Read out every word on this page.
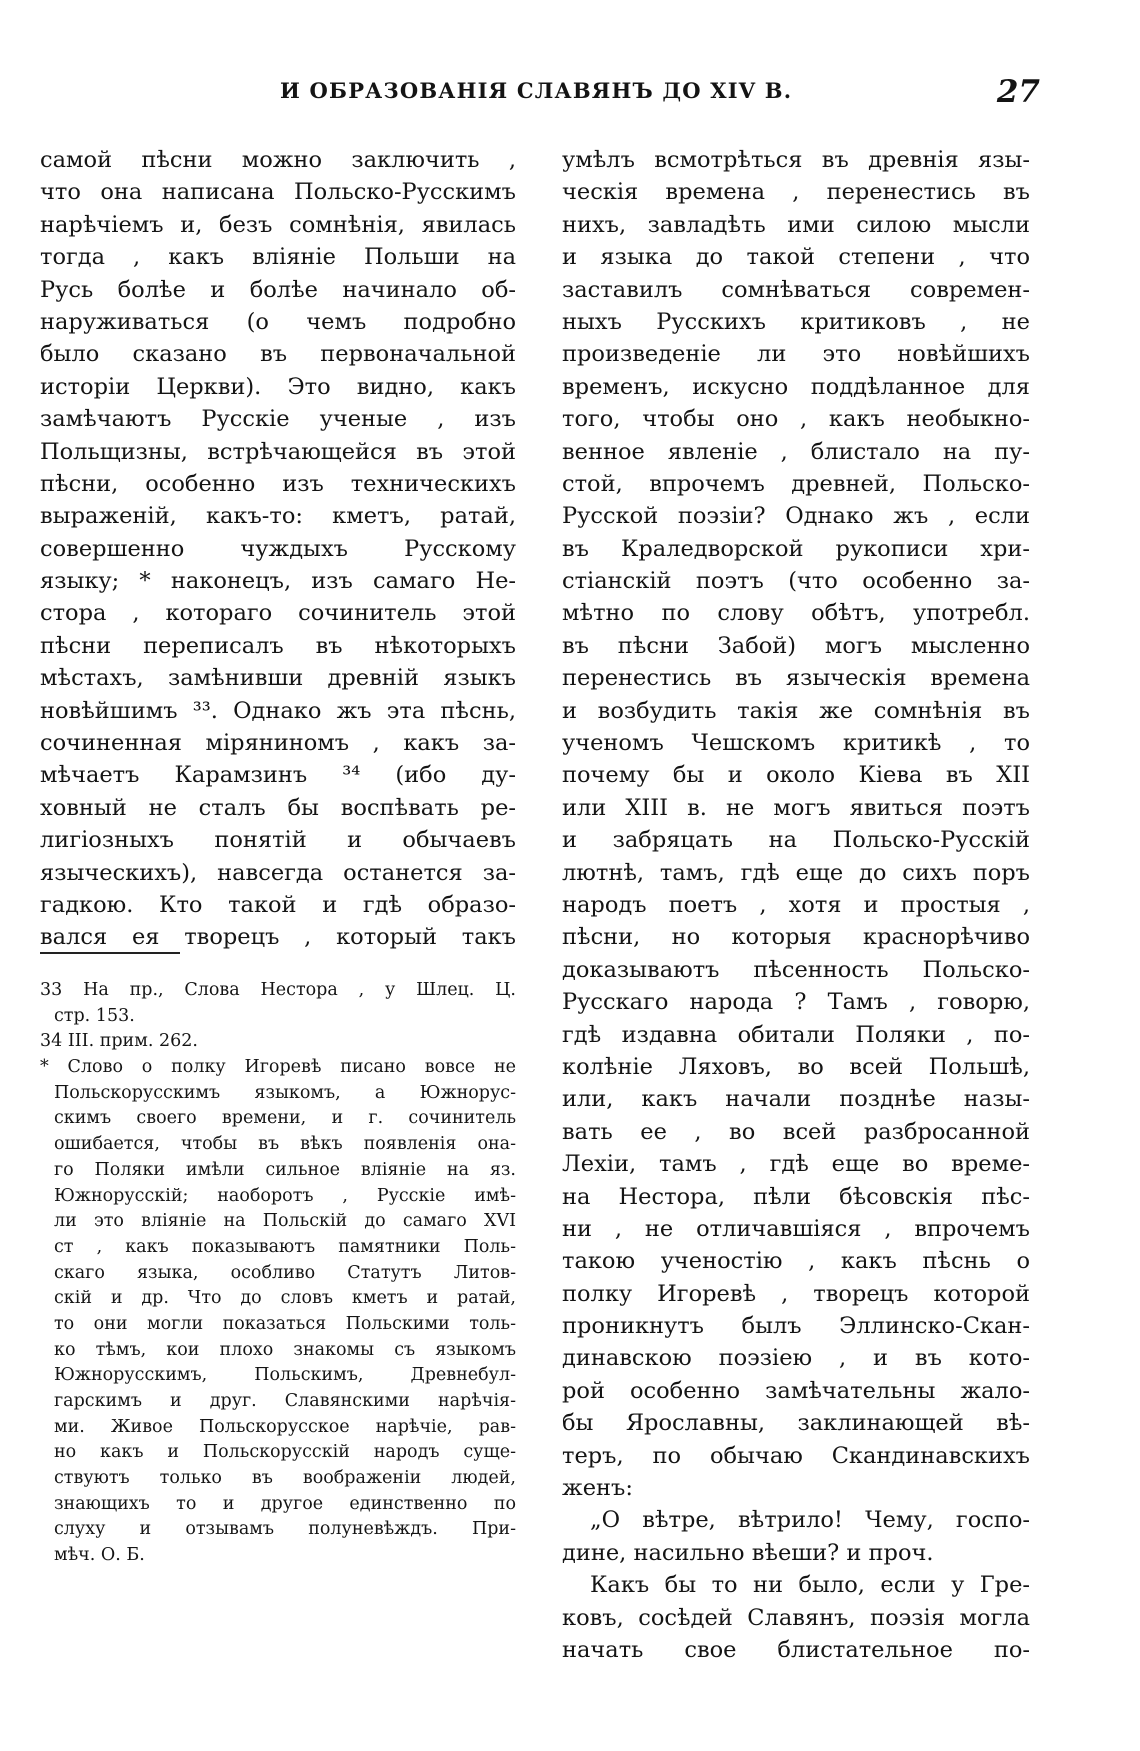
И ОБРАЗОВАНІЯ СЛАВЯНЪ ДО XIV В.	27
самой пѣсни можно заключить ,
что она написана Польско-Русскимъ
нарѣчіемъ и, безъ сомнѣнія, явилась
тогда , какъ вліяніе Польши на
Русь болѣе и болѣе начинало об-
наруживаться (о чемъ подробно
было сказано въ первоначальной
исторіи Церкви). Это видно, какъ
замѣчаютъ Русскіе ученые , изъ
Польщизны, встрѣчающейся въ этой
пѣсни, особенно изъ техническихъ
выраженій, какъ-то: кметъ, ратай,
совершенно чуждыхъ Русскому
языку; * наконецъ, изъ самаго Не-
стора , котораго сочинитель этой
пѣсни переписалъ въ нѣкоторыхъ
мѣстахъ, замѣнивши древній языкъ
новѣйшимъ ³³. Однако жъ эта пѣснь,
сочиненная міряниномъ , какъ за-
мѣчаетъ Карамзинъ ³⁴ (ибо ду-
ховный не сталъ бы воспѣвать ре-
лигіозныхъ понятій и обычаевъ
языческихъ), навсегда останется за-
гадкою. Кто такой и гдѣ образо-
вался ея творецъ , который такъ
33 На пр., Слова Нестора , у Шлец. Ц.
стр. 153.
34 III. прим. 262.
* Слово о полку Игоревѣ писано вовсе не
Польскорусскимъ языкомъ, а Южнорус-
скимъ своего времени, и г. сочинитель
ошибается, чтобы въ вѣкъ появленія она-
го Поляки имѣли сильное вліяніе на яз.
Южнорусскій; наоборотъ , Русскіе имѣ-
ли это вліяніе на Польскій до самаго XVI
ст , какъ показываютъ памятники Поль-
скаго языка, особливо Статутъ Литов-
скій и др. Что до словъ кметъ и ратай,
то они могли показаться Польскими толь-
ко тѣмъ, кои плохо знакомы съ языкомъ
Южнорусскимъ, Польскимъ, Древнебул-
гарскимъ и друг. Славянскими нарѣчія-
ми. Живое Польскорусское нарѣчіе, рав-
но какъ и Польскорусскій народъ суще-
ствуютъ только въ воображеніи людей,
знающихъ то и другое единственно по
слуху и отзывамъ полуневѣждъ. При-
мѣч. О. Б.
умѣлъ всмотрѣться въ древнія язы-
ческія времена , перенестись въ
нихъ, завладѣть ими силою мысли
и языка до такой степени , что
заставилъ сомнѣваться современ-
ныхъ Русскихъ критиковъ , не
произведеніе ли это новѣйшихъ
временъ, искусно поддѣланное для
того, чтобы оно , какъ необыкно-
венное явленіе , блистало на пу-
стой, впрочемъ древней, Польско-
Русской поэзіи? Однако жъ , если
въ Краледворской рукописи хри-
стіанскій поэтъ (что особенно за-
мѣтно по слову обѣтъ, употребл.
въ пѣсни Забой) могъ мысленно
перенестись въ языческія времена
и возбудить такія же сомнѣнія въ
ученомъ Чешскомъ критикѣ , то
почему бы и около Кіева въ XII
или XIII в. не могъ явиться поэтъ
и забряцать на Польско-Русскій
лютнѣ, тамъ, гдѣ еще до сихъ поръ
народъ поетъ , хотя и простыя ,
пѣсни, но которыя краснорѣчиво
доказываютъ пѣсенность Польско-
Русскаго народа ? Тамъ , говорю,
гдѣ издавна обитали Поляки , по-
колѣніе Ляховъ, во всей Польшѣ,
или, какъ начали позднѣе назы-
вать ее , во всей разбросанной
Лехіи, тамъ , гдѣ еще во време-
на Нестора, пѣли бѣсовскія пѣс-
ни , не отличавшіяся , впрочемъ
такою ученостію , какъ пѣснь о
полку Игоревѣ , творецъ которой
проникнутъ былъ Эллинско-Скан-
динавскою поэзіею , и въ кото-
рой особенно замѣчательны жало-
бы Ярославны, заклинающей вѣ-
теръ, по обычаю Скандинавскихъ
женъ:
„О вѣтре, вѣтрило! Чему, госпо-
дине, насильно вѣеши? и проч.
Какъ бы то ни было, если у Гре-
ковъ, сосѣдей Славянъ, поэзія могла
начать свое блистательное по-
